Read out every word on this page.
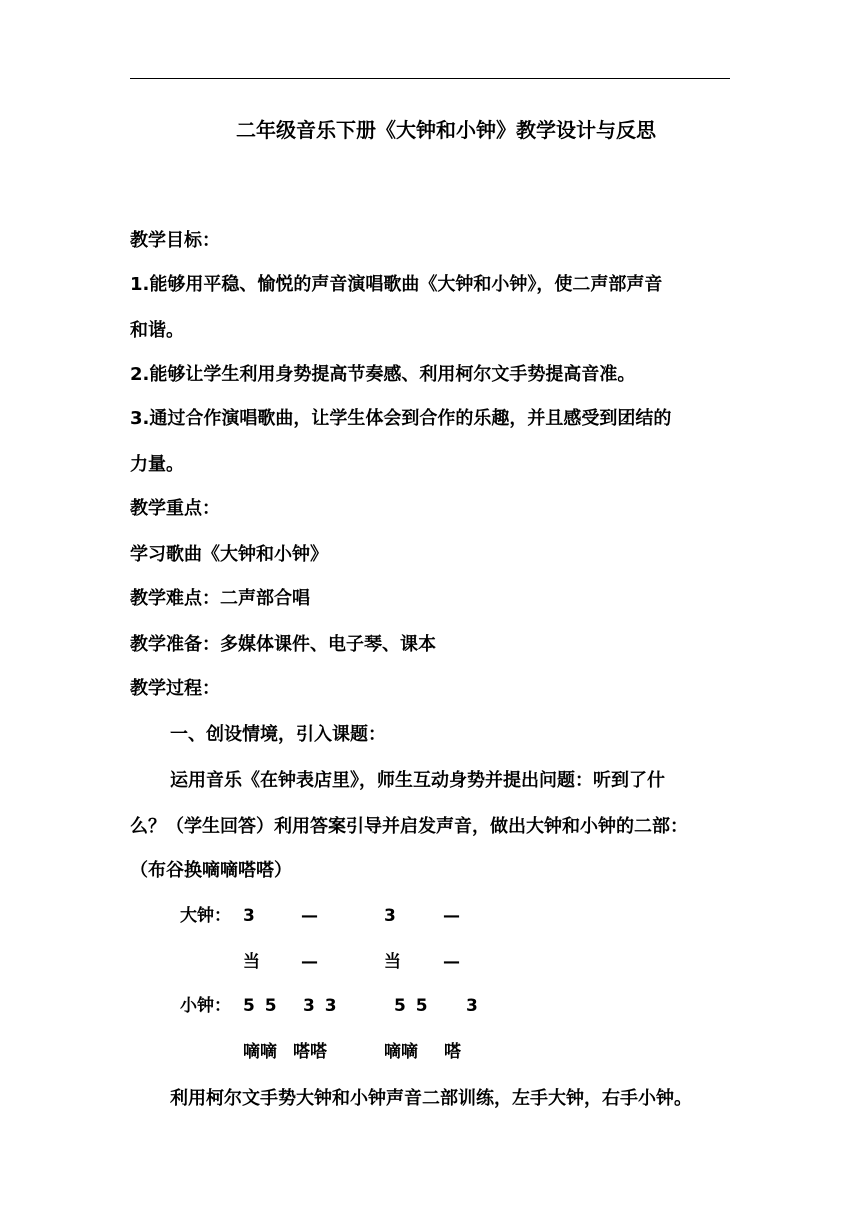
二年级音乐下册《大钟和小钟》教学设计与反思
教学目标：
1.能够用平稳、愉悦的声音演唱歌曲《大钟和小钟》，使二声部声音
和谐。
2.能够让学生利用身势提高节奏感、利用柯尔文手势提高音准。
3.通过合作演唱歌曲，让学生体会到合作的乐趣，并且感受到团结的
力量。
教学重点：
学习歌曲《大钟和小钟》
教学难点：二声部合唱
教学准备：多媒体课件、电子琴、课本
教学过程：
一、创设情境，引入课题：
运用音乐《在钟表店里》，师生互动身势并提出问题：听到了什
么？（学生回答）利用答案引导并启发声音，做出大钟和小钟的二部：
（布谷换嘀嘀嗒嗒）
大钟： 3	—	3	—
当 —	当 —
小钟： 5 5 3 3	5 5 3
嘀嘀 嗒嗒	嘀嘀 嗒
利用柯尔文手势大钟和小钟声音二部训练，左手大钟，右手小钟。
